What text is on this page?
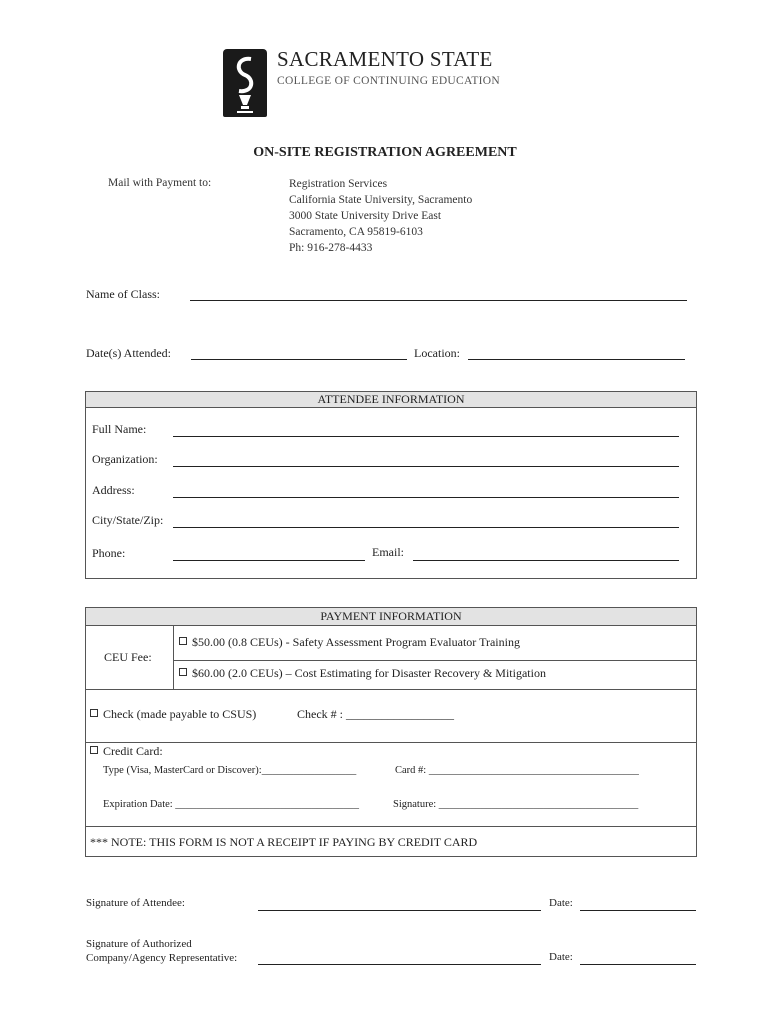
SACRAMENTO STATE
COLLEGE OF CONTINUING EDUCATION
ON-SITE REGISTRATION AGREEMENT
Mail with Payment to:	Registration Services
California State University, Sacramento
3000 State University Drive East
Sacramento, CA 95819-6103
Ph: 916-278-4433
Name of Class:
Date(s) Attended:	Location:
ATTENDEE INFORMATION
Full Name:
Organization:
Address:
City/State/Zip:
Phone:	Email:
PAYMENT INFORMATION
CEU Fee:
$50.00 (0.8 CEUs) - Safety Assessment Program Evaluator Training
$60.00 (2.0 CEUs) – Cost Estimating for Disaster Recovery & Mitigation
Check (made payable to CSUS)	Check # : __________________
Credit Card:
Type (Visa, MasterCard or Discover):__________________	Card #: ________________________________________
Expiration Date: ___________________________________	Signature: ______________________________________
*** NOTE: THIS FORM IS NOT A RECEIPT IF PAYING BY CREDIT CARD
Signature of Attendee:	Date:
Signature of Authorized
Company/Agency Representative:	Date:
